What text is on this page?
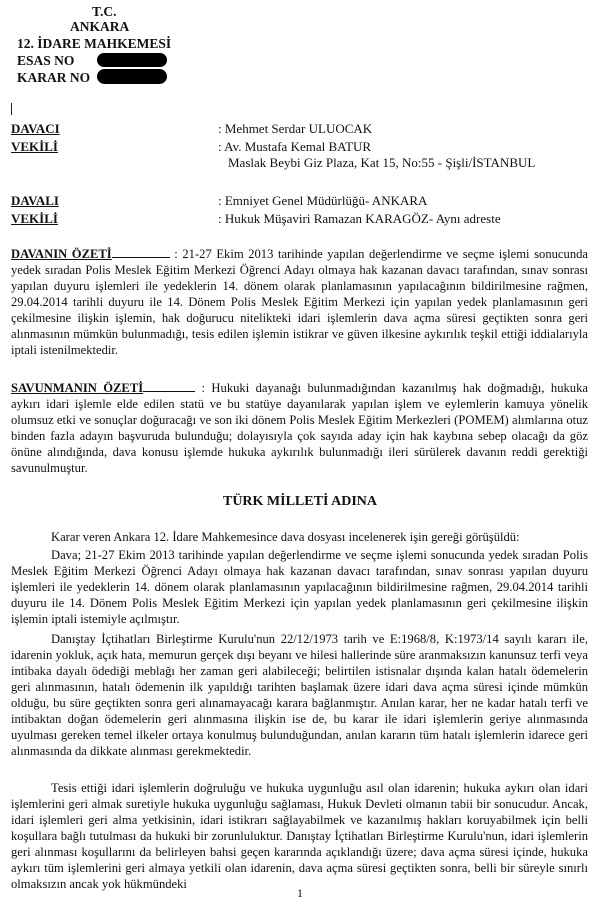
T.C.
ANKARA
12. İDARE MAHKEMESİ
ESAS NO
KARAR NO
DAVACI	: Mehmet Serdar ULUOCAK
VEKİLİ	: Av. Mustafa Kemal BATUR
Maslak Beybi Giz Plaza, Kat 15, No:55 - Şişli/İSTANBUL
DAVALI	: Emniyet Genel Müdürlüğü- ANKARA
VEKİLİ	: Hukuk Müşaviri Ramazan KARAGÖZ- Aynı adreste

DAVANIN ÖZETİ	: 21-27 Ekim 2013 tarihinde yapılan değerlendirme ve seçme işlemi sonucunda yedek sıradan Polis Meslek Eğitim Merkezi Öğrenci Adayı olmaya hak kazanan davacı tarafından, sınav sonrası yapılan duyuru işlemleri ile yedeklerin 14. dönem olarak planlamasının yapılacağının bildirilmesine rağmen, 29.04.2014 tarihli duyuru ile 14. Dönem Polis Meslek Eğitim Merkezi için yapılan yedek planlamasının geri çekilmesine ilişkin işlemin, hak doğurucu nitelikteki idari işlemlerin dava açma süresi geçtikten sonra geri alınmasının mümkün bulunmadığı, tesis edilen işlemin istikrar ve güven ilkesine aykırılık teşkil ettiği iddialarıyla iptali istenilmektedir.

SAVUNMANIN ÖZETİ	: Hukuki dayanağı bulunmadığından kazanılmış hak doğmadığı, hukuka aykırı idari işlemle elde edilen statü ve bu statüye dayanılarak yapılan işlem ve eylemlerin kamuya yönelik olumsuz etki ve sonuçlar doğuracağı ve son iki dönem Polis Meslek Eğitim Merkezleri (POMEM) alımlarına otuz binden fazla adayın başvuruda bulunduğu; dolayısıyla çok sayıda aday için hak kaybına sebep olacağı da göz önüne alındığında, dava konusu işlemde hukuka aykırılık bulunmadığı ileri sürülerek davanın reddi gerektiği savunulmuştur.

TÜRK MİLLETİ ADINA

Karar veren Ankara 12. İdare Mahkemesince dava dosyası incelenerek işin gereği görüşüldü:

Dava; 21-27 Ekim 2013 tarihinde yapılan değerlendirme ve seçme işlemi sonucunda yedek sıradan Polis Meslek Eğitim Merkezi Öğrenci Adayı olmaya hak kazanan davacı tarafından, sınav sonrası yapılan duyuru işlemleri ile yedeklerin 14. dönem olarak planlamasının yapılacağının bildirilmesine rağmen, 29.04.2014 tarihli duyuru ile 14. Dönem Polis Meslek Eğitim Merkezi için yapılan yedek planlamasının geri çekilmesine ilişkin işlemin iptali istemiyle açılmıştır.

Danıştay İçtihatları Birleştirme Kurulu'nun 22/12/1973 tarih ve E:1968/8, K:1973/14 sayılı kararı ile, idarenin yokluk, açık hata, memurun gerçek dışı beyanı ve hilesi hallerinde süre aranmaksızın kanunsuz terfi veya intibaka dayalı ödediği meblağı her zaman geri alabileceği; belirtilen istisnalar dışında kalan hatalı ödemelerin geri alınmasının, hatalı ödemenin ilk yapıldığı tarihten başlamak üzere idari dava açma süresi içinde mümkün olduğu, bu süre geçtikten sonra geri alınamayacağı karara bağlanmıştır. Anılan karar, her ne kadar hatalı terfi ve intibaktan doğan ödemelerin geri alınmasına ilişkin ise de, bu karar ile idari işlemlerin geriye alınmasında uyulması gereken temel ilkeler ortaya konulmuş bulunduğundan, anılan kararın tüm hatalı işlemlerin idarece geri alınmasında da dikkate alınması gerekmektedir.

Tesis ettiği idari işlemlerin doğruluğu ve hukuka uygunluğu asıl olan idarenin; hukuka aykırı olan idari işlemlerini geri almak suretiyle hukuka uygunluğu sağlaması, Hukuk Devleti olmanın tabii bir sonucudur. Ancak, idari işlemleri geri alma yetkisinin, idari istikrarı sağlayabilmek ve kazanılmış hakları koruyabilmek için belli koşullara bağlı tutulması da hukuki bir zorunluluktur. Danıştay İçtihatları Birleştirme Kurulu'nun, idari işlemlerin geri alınması koşullarını da belirleyen bahsi geçen kararında açıklandığı üzere; dava açma süresi içinde, hukuka aykırı tüm işlemlerini geri almaya yetkili olan idarenin, dava açma süresi geçtikten sonra, belli bir süreyle sınırlı olmaksızın ancak yok hükmündeki

1
